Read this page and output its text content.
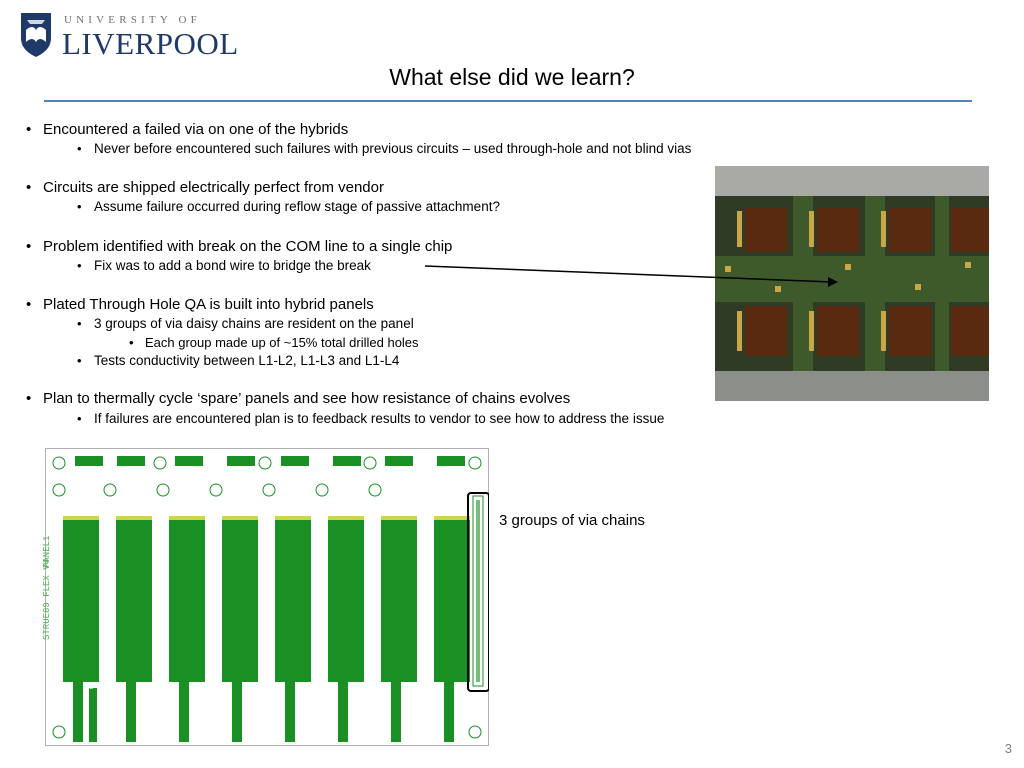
UNIVERSITY OF
LIVERPOOL
What else did we learn?
• Encountered a failed via on one of the hybrids
• Never before encountered such failures with previous circuits – used through-hole and not blind vias
• Circuits are shipped electrically perfect from vendor
• Assume failure occurred during reflow stage of passive attachment?
• Problem identified with break on the COM line to a single chip
• Fix was to add a bond wire to bridge the break
• Plated Through Hole QA is built into hybrid panels
• 3 groups of via daisy chains are resident on the panel
• Each group made up of ~15% total drilled holes
• Tests conductivity between L1-L2, L1-L3 and L1-L4
• Plan to thermally cycle ‘spare’ panels and see how resistance of chains evolves
• If failures are encountered plan is to feedback results to vendor to see how to address the issue
STRUE89 FLEX V4
PANEL1
8	1	2	3	4	5	6	7
3 groups of via chains
3
